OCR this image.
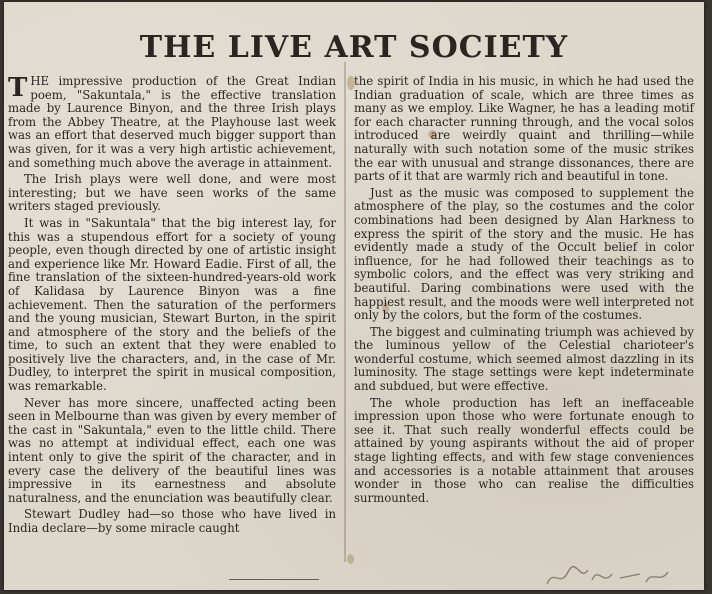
THE LIVE ART SOCIETY

THE impressive production of the Great Indian poem, "Sakuntala," is the effective translation made by Laurence Binyon, and the three Irish plays from the Abbey Theatre, at the Playhouse last week was an effort that deserved much bigger support than was given, for it was a very high artistic achievement, and something much above the average in attainment.

The Irish plays were well done, and were most interesting; but we have seen works of the same writers staged previously.

It was in "Sakuntala" that the big interest lay, for this was a stupendous effort for a society of young people, even though directed by one of artistic insight and experience like Mr. Howard Eadie. First of all, the fine translation of the sixteen-hundred-years-old work of Kalidasa by Laurence Binyon was a fine achievement. Then the saturation of the performers and the young musician, Stewart Burton, in the spirit and atmosphere of the story and the beliefs of the time, to such an extent that they were enabled to positively live the characters, and, in the case of Mr. Dudley, to interpret the spirit in musical composition, was remarkable.

Never has more sincere, unaffected acting been seen in Melbourne than was given by every member of the cast in "Sakuntala," even to the little child. There was no attempt at individual effect, each one was intent only to give the spirit of the character, and in every case the delivery of the beautiful lines was impressive in its earnestness and absolute naturalness, and the enunciation was beautifully clear.

Stewart Dudley had—so those who have lived in India declare—by some miracle caught

the spirit of India in his music, in which he had used the Indian graduation of scale, which are three times as many as we employ. Like Wagner, he has a leading motif for each character running through, and the vocal solos introduced are weirdly quaint and thrilling—while naturally with such notation some of the music strikes the ear with unusual and strange dissonances, there are parts of it that are warmly rich and beautiful in tone.

Just as the music was composed to supplement the atmosphere of the play, so the costumes and the color combinations had been designed by Alan Harkness to express the spirit of the story and the music. He has evidently made a study of the Occult belief in color influence, for he had followed their teachings as to symbolic colors, and the effect was very striking and beautiful. Daring combinations were used with the happiest result, and the moods were well interpreted not only by the colors, but the form of the costumes.

The biggest and culminating triumph was achieved by the luminous yellow of the Celestial charioteer's wonderful costume, which seemed almost dazzling in its luminosity. The stage settings were kept indeterminate and subdued, but were effective.

The whole production has left an ineffaceable impression upon those who were fortunate enough to see it. That such really wonderful effects could be attained by young aspirants without the aid of proper stage lighting effects, and with few stage conveniences and accessories is a notable attainment that arouses wonder in those who can realise the difficulties surmounted.
